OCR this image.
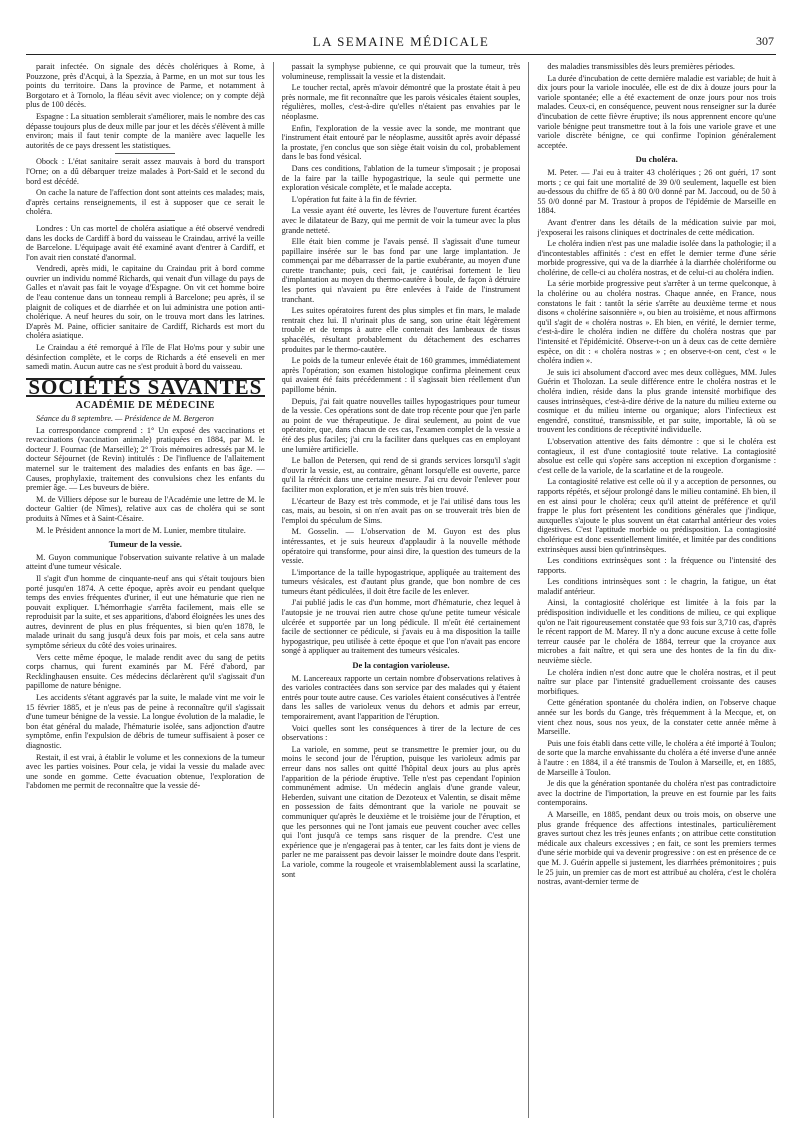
LA SEMAINE MÉDICALE	307

parait infectée. On signale des décès cholériques à Rome, à Pouzzone, près d'Acqui, à la Spezzia, à Parme, en un mot sur tous les points du territoire. Dans la province de Parme, et notamment à Borgotaro et à Tornolo, la fléau sévit avec violence; on y compte déjà plus de 100 décès.

Espagne : La situation semblerait s'améliorer, mais le nombre des cas dépasse toujours plus de deux mille par jour et les décès s'élèvent à mille environ; mais il faut tenir compte de la manière avec laquelle les autorités de ce pays dressent les statistiques.

Obock : L'état sanitaire serait assez mauvais à bord du transport l'Orne; on a dû débarquer treize malades à Port-Saïd et le second du bord est décédé.

On cache la nature de l'affection dont sont atteints ces malades; mais, d'après certains renseignements, il est à supposer que ce serait le choléra.

Londres : Un cas mortel de choléra asiatique a été observé vendredi dans les docks de Cardiff à bord du vaisseau le Craindau, arrivé la veille de Barcelone. L'équipage avait été examiné avant d'entrer à Cardiff, et l'on avait rien constaté d'anormal.

Vendredi, après midi, le capitaine du Craindau prit à bord comme ouvrier un individu nommé Richards, qui venait d'un village du pays de Galles et n'avait pas fait le voyage d'Espagne. On vit cet homme boire de l'eau contenue dans un tonneau rempli à Barcelone; peu après, il se plaignit de coliques et de diarrhée et on lui administra une potion anti-cholérique. A neuf heures du soir, on le trouva mort dans les latrines. D'après M. Paine, officier sanitaire de Cardiff, Richards est mort du choléra asiatique.

Le Craindau a été remorqué à l'île de Flat Ho'ms pour y subir une désinfection complète, et le corps de Richards a été enseveli en mer samedi matin. Aucun autre cas ne s'est produit à bord du vaisseau.

SOCIÉTÉS SAVANTES
ACADÉMIE DE MÉDECINE

Séance du 8 septembre. — Présidence de M. Bergeron

La correspondance comprend : 1° Un exposé des vaccinations et revaccinations (vaccination animale) pratiquées en 1884, par M. le docteur J. Fournac (de Marseille); 2° Trois mémoires adressés par M. le docteur Séjournet (de Revin) intitulés : De l'influence de l'allaitement maternel sur le traitement des maladies des enfants en bas âge. — Causes, prophylaxie, traitement des convulsions chez les enfants du premier âge. — Les buveurs de bière.

M. de Villiers dépose sur le bureau de l'Académie une lettre de M. le docteur Galtier (de Nîmes), relative aux cas de choléra qui se sont produits à Nîmes et à Saint-Césaire.

M. le Président annonce la mort de M. Lunier, membre titulaire.

Tumeur de la vessie.

M. Guyon communique l'observation suivante relative à un malade atteint d'une tumeur vésicale.

Il s'agit d'un homme de cinquante-neuf ans qui s'était toujours bien porté jusqu'en 1874. A cette époque, après avoir eu pendant quelque temps des envies fréquentes d'uriner, il eut une hématurie que rien ne pouvait expliquer. L'hémorrhagie s'arrêta facilement, mais elle se reproduisit par la suite, et ses apparitions, d'abord éloignées les unes des autres, devinrent de plus en plus fréquentes, si bien qu'en 1878, le malade urinait du sang jusqu'à deux fois par mois, et cela sans autre symptôme sérieux du côté des voies urinaires.

Vers cette même époque, le malade rendit avec du sang de petits corps charnus, qui furent examinés par M. Féré d'abord, par Recklinghausen ensuite. Ces médecins déclarèrent qu'il s'agissait d'un papillome de nature bénigne.

Les accidents s'étant aggravés par la suite, le malade vint me voir le 15 février 1885, et je n'eus pas de peine à reconnaître qu'il s'agissait d'une tumeur bénigne de la vessie. La longue évolution de la maladie, le bon état général du malade, l'hématurie isolée, sans adjonction d'autre symptôme, enfin l'expulsion de débris de tumeur suffisaient à poser ce diagnostic.

Restait, il est vrai, à établir le volume et les connexions de la tumeur avec les parties voisines. Pour cela, je vidai la vessie du malade avec une sonde en gomme. Cette évacuation obtenue, l'exploration de l'abdomen me permit de reconnaître que la vessie dé-

passait la symphyse pubienne, ce qui prouvait que la tumeur, très volumineuse, remplissait la vessie et la distendait.

Le toucher rectal, après m'avoir démontré que la prostate était à peu près normale, me fit reconnaître que les parois vésicales étaient souples, régulières, molles, c'est-à-dire qu'elles n'étaient pas envahies par le néoplasme.

Enfin, l'exploration de la vessie avec la sonde, me montrant que l'instrument était entouré par le néoplasme, aussitôt après avoir dépassé la prostate, j'en conclus que son siège était voisin du col, probablement dans le bas fond vésical.

Dans ces conditions, l'ablation de la tumeur s'imposait ; je proposai de la faire par la taille hypogastrique, la seule qui permette une exploration vésicale complète, et le malade accepta.

L'opération fut faite à la fin de février.

La vessie ayant été ouverte, les lèvres de l'ouverture furent écartées avec le dilatateur de Bazy, qui me permit de voir la tumeur avec la plus grande netteté.

Elle était bien comme je l'avais pensé. Il s'agissait d'une tumeur papillaire insérée sur le bas fond par une large implantation. Je commençai par me débarrasser de la partie exubérante, au moyen d'une curette tranchante; puis, ceci fait, je cautérisai fortement le lieu d'implantation au moyen du thermo-cautère à boule, de façon à détruire les portes qui n'avaient pu être enlevées à l'aide de l'instrument tranchant.

Les suites opératoires furent des plus simples et fin mars, le malade rentrait chez lui. Il n'urinait plus de sang, son urine était légèrement trouble et de temps à autre elle contenait des lambeaux de tissus sphacélés, résultant probablement du détachement des escharres produites par le thermo-cautère.

Le poids de la tumeur enlevée était de 160 grammes, immédiatement après l'opération; son examen histologique confirma pleinement ceux qui avaient été faits précédemment : il s'agissait bien réellement d'un papillome bénin.

Depuis, j'ai fait quatre nouvelles tailles hypogastriques pour tumeur de la vessie. Ces opérations sont de date trop récente pour que j'en parle au point de vue thérapeutique. Je dirai seulement, au point de vue opératoire, que, dans chacun de ces cas, l'examen complet de la vessie a été des plus faciles; j'ai cru la faciliter dans quelques cas en employant une lumière artificielle.

Le ballon de Petersen, qui rend de si grands services lorsqu'il s'agit d'ouvrir la vessie, est, au contraire, gênant lorsqu'elle est ouverte, parce qu'il la rétrécit dans une certaine mesure. J'ai cru devoir l'enlever pour faciliter mon exploration, et je m'en suis très bien trouvé.

L'écarteur de Bazy est très commode, et je l'ai utilisé dans tous les cas, mais, au besoin, si on n'en avait pas on se trouverait très bien de l'emploi du spéculum de Sims.

M. Gosselin. — L'observation de M. Guyon est des plus intéressantes, et je suis heureux d'applaudir à la nouvelle méthode opératoire qui transforme, pour ainsi dire, la question des tumeurs de la vessie.

L'importance de la taille hypogastrique, appliquée au traitement des tumeurs vésicales, est d'autant plus grande, que bon nombre de ces tumeurs étant pédiculées, il doit être facile de les enlever.

J'ai publié jadis le cas d'un homme, mort d'hématurie, chez lequel à l'autopsie je ne trouvai rien autre chose qu'une petite tumeur vésicale ulcérée et supportée par un long pédicule. Il m'eût été certainement facile de sectionner ce pédicule, si j'avais eu à ma disposition la taille hypogastrique, peu utilisée à cette époque et que l'on n'avait pas encore songé à appliquer au traitement des tumeurs vésicales.

De la contagion varioleuse.

M. Lancereaux rapporte un certain nombre d'observations relatives à des varioles contractées dans son service par des malades qui y étaient entrés pour toute autre cause. Ces varioles étaient consécutives à l'entrée dans les salles de varioleux venus du dehors et admis par erreur, temporairement, avant l'apparition de l'éruption.

Voici quelles sont les conséquences à tirer de la lecture de ces observations :

La variole, en somme, peut se transmettre le premier jour, ou du moins le second jour de l'éruption, puisque les varioleux admis par erreur dans nos salles ont quitté l'hôpital deux jours au plus après l'apparition de la période éruptive. Telle n'est pas cependant l'opinion communément admise. Un médecin anglais d'une grande valeur, Heberden, suivant une citation de Dezoteux et Valentin, se disait même en possession de faits démontrant que la variole ne pouvait se communiquer qu'après le deuxième et le troisième jour de l'éruption, et que les personnes qui ne l'ont jamais eue peuvent coucher avec celles qui l'ont jusqu'à ce temps sans risquer de la prendre. C'est une expérience que je n'engagerai pas à tenter, car les faits dont je viens de parler ne me paraissent pas devoir laisser le moindre doute dans l'esprit. La variole, comme la rougeole et vraisemblablement aussi la scarlatine, sont

des maladies transmissibles dès leurs premières périodes.

La durée d'incubation de cette dernière maladie est variable; de huit à dix jours pour la variole inoculée, elle est de dix à douze jours pour la variole spontanée; elle a été exactement de onze jours pour nos trois malades. Ceux-ci, en conséquence, peuvent nous renseigner sur la durée d'incubation de cette fièvre éruptive; ils nous apprennent encore qu'une variole bénigne peut transmettre tout à la fois une variole grave et une variole discrète bénigne, ce qui confirme l'opinion généralement acceptée.

Du choléra.

M. Peter. — J'ai eu à traiter 43 cholériques ; 26 ont guéri, 17 sont morts ; ce qui fait une mortalité de 39 0/0 seulement, laquelle est bien au-dessous du chiffre de 65 à 80 0/0 donné par M. Jaccoud, ou de 50 à 55 0/0 donné par M. Trastour à propos de l'épidémie de Marseille en 1884.

Avant d'entrer dans les détails de la médication suivie par moi, j'exposerai les raisons cliniques et doctrinales de cette médication.

Le choléra indien n'est pas une maladie isolée dans la pathologie; il a d'incontestables affinités : c'est en effet le dernier terme d'une série morbide progressive, qui va de la diarrhée à la diarrhée cholériforme ou cholérine, de celle-ci au choléra nostras, et de celui-ci au choléra indien.

La série morbide progressive peut s'arrêter à un terme quelconque, à la cholérine ou au choléra nostras. Chaque année, en France, nous constatons le fait : tantôt la série s'arrête au deuxième terme et nous disons « cholérine saisonnière », ou bien au troisième, et nous affirmons qu'il s'agit de « choléra nostras ». Eh bien, en vérité, le dernier terme, c'est-à-dire le choléra indien ne diffère du choléra nostras que par l'intensité et l'épidémicité. Observe-t-on un à deux cas de cette dernière espèce, on dit : « choléra nostras » ; en observe-t-on cent, c'est « le choléra indien ».

Je suis ici absolument d'accord avec mes deux collègues, MM. Jules Guérin et Tholozan. La seule différence entre le choléra nostras et le choléra indien, réside dans la plus grande intensité morbifique des causes intrinsèques, c'est-à-dire dérive de la nature du milieu externe ou cosmique et du milieu interne ou organique; alors l'infectieux est engendré, constitué, transmissible, et par suite, importable, là où se trouvent les conditions de réceptivité individuelle.

L'observation attentive des faits démontre : que si le choléra est contagieux, il est d'une contagiosité toute relative. La contagiosité absolue est celle qui s'opère sans acception ni exception d'organisme : c'est celle de la variole, de la scarlatine et de la rougeole.

La contagiosité relative est celle où il y a acception de personnes, ou rapports répétés, et séjour prolongé dans le milieu contaminé. Eh bien, il en est ainsi pour le choléra; ceux qu'il atteint de préférence et qu'il frappe le plus fort présentent les conditions générales que j'indique, auxquelles s'ajoute le plus souvent un état catarrhal antérieur des voies digestives. C'est l'aptitude morbide ou prédisposition. La contagiosité cholérique est donc essentiellement limitée, et limitée par des conditions extrinsèques aussi bien qu'intrinsèques.

Les conditions extrinsèques sont : la fréquence ou l'intensité des rapports.

Les conditions intrinsèques sont : le chagrin, la fatigue, un état maladif antérieur.

Ainsi, la contagiosité cholérique est limitée à la fois par la prédisposition individuelle et les conditions de milieu, ce qui explique qu'on ne l'ait rigoureusement constatée que 93 fois sur 3,710 cas, d'après le récent rapport de M. Marey. Il n'y a donc aucune excuse à cette folle terreur causée par le choléra de 1884, terreur que la croyance aux microbes a fait naître, et qui sera une des hontes de la fin du dix-neuvième siècle.

Le choléra indien n'est donc autre que le choléra nostras, et il peut naître sur place par l'intensité graduellement croissante des causes morbifiques.

Cette génération spontanée du choléra indien, on l'observe chaque année sur les bords du Gange, très fréquemment à la Mecque, et, on vient chez nous, sous nos yeux, de la constater cette année même à Marseille.

Puis une fois établi dans cette ville, le choléra a été importé à Toulon; de sorte que la marche envahissante du choléra a été inverse d'une année à l'autre : en 1884, il a été transmis de Toulon à Marseille, et, en 1885, de Marseille à Toulon.

Je dis que la génération spontanée du choléra n'est pas contradictoire avec la doctrine de l'importation, la preuve en est fournie par les faits contemporains.

A Marseille, en 1885, pendant deux ou trois mois, on observe une plus grande fréquence des affections intestinales, particulièrement graves surtout chez les très jeunes enfants ; on attribue cette constitution médicale aux chaleurs excessives ; en fait, ce sont les premiers termes d'une série morbide qui va devenir progressive : on est en présence de ce que M. J. Guérin appelle si justement, les diarrhées prémonitoires ; puis le 25 juin, un premier cas de mort est attribué au choléra, c'est le choléra nostras, avant-dernier terme de
